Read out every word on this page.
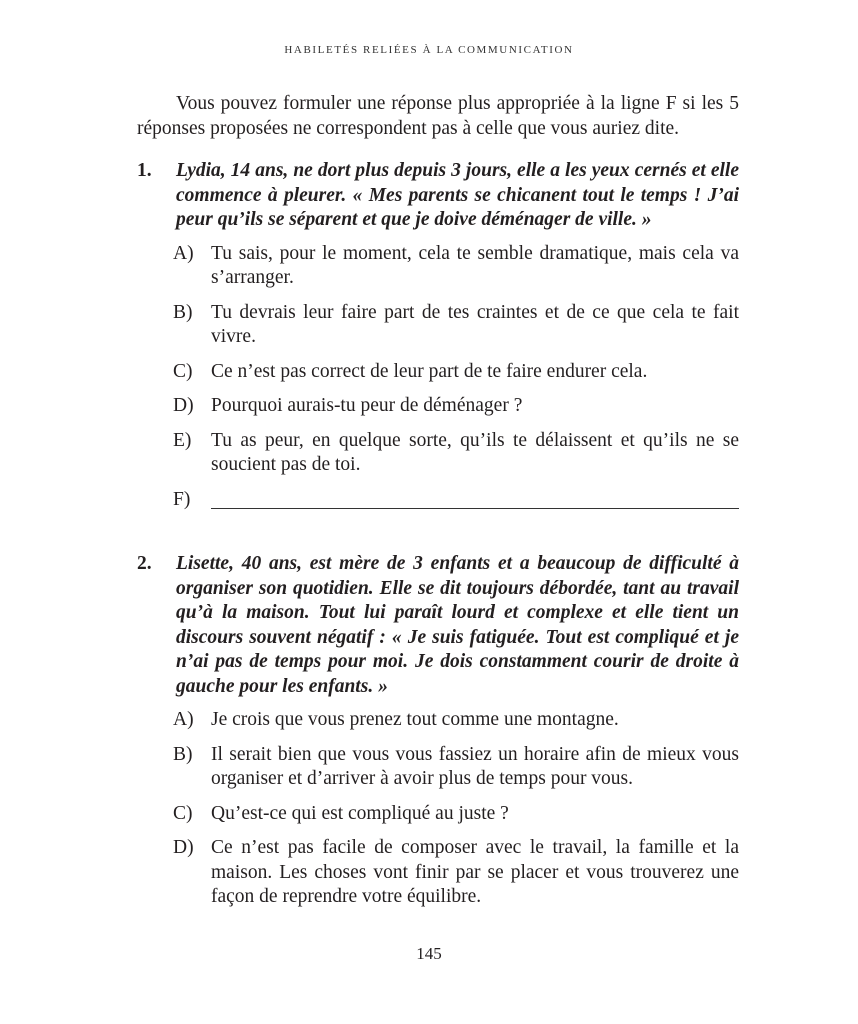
HABILETÉS RELIÉES À LA COMMUNICATION

Vous pouvez formuler une réponse plus appropriée à la ligne F si les 5 réponses proposées ne correspondent pas à celle que vous auriez dite.

1.	Lydia, 14 ans, ne dort plus depuis 3 jours, elle a les yeux cernés et elle commence à pleurer. « Mes parents se chicanent tout le temps ! J’ai peur qu’ils se séparent et que je doive déménager de ville. »
A) Tu sais, pour le moment, cela te semble dramatique, mais cela va s’arranger.
B) Tu devrais leur faire part de tes craintes et de ce que cela te fait vivre.
C) Ce n’est pas correct de leur part de te faire endurer cela.
D) Pourquoi aurais-tu peur de déménager ?
E)	Tu as peur, en quelque sorte, qu’ils te délaissent et qu’ils ne se soucient pas de toi.
F)
2.	Lisette, 40 ans, est mère de 3 enfants et a beaucoup de difficulté à organiser son quotidien. Elle se dit toujours débordée, tant au travail qu’à la maison. Tout lui paraît lourd et complexe et elle tient un discours souvent négatif : « Je suis fatiguée. Tout est compliqué et je n’ai pas de temps pour moi. Je dois constamment courir de droite à gauche pour les enfants. »
A) Je crois que vous prenez tout comme une montagne.
B) Il serait bien que vous vous fassiez un horaire afin de mieux vous organiser et d’arriver à avoir plus de temps pour vous.
C) Qu’est-ce qui est compliqué au juste ?
D) Ce n’est pas facile de composer avec le travail, la famille et la maison. Les choses vont finir par se placer et vous trouverez une façon de reprendre votre équilibre.
145
